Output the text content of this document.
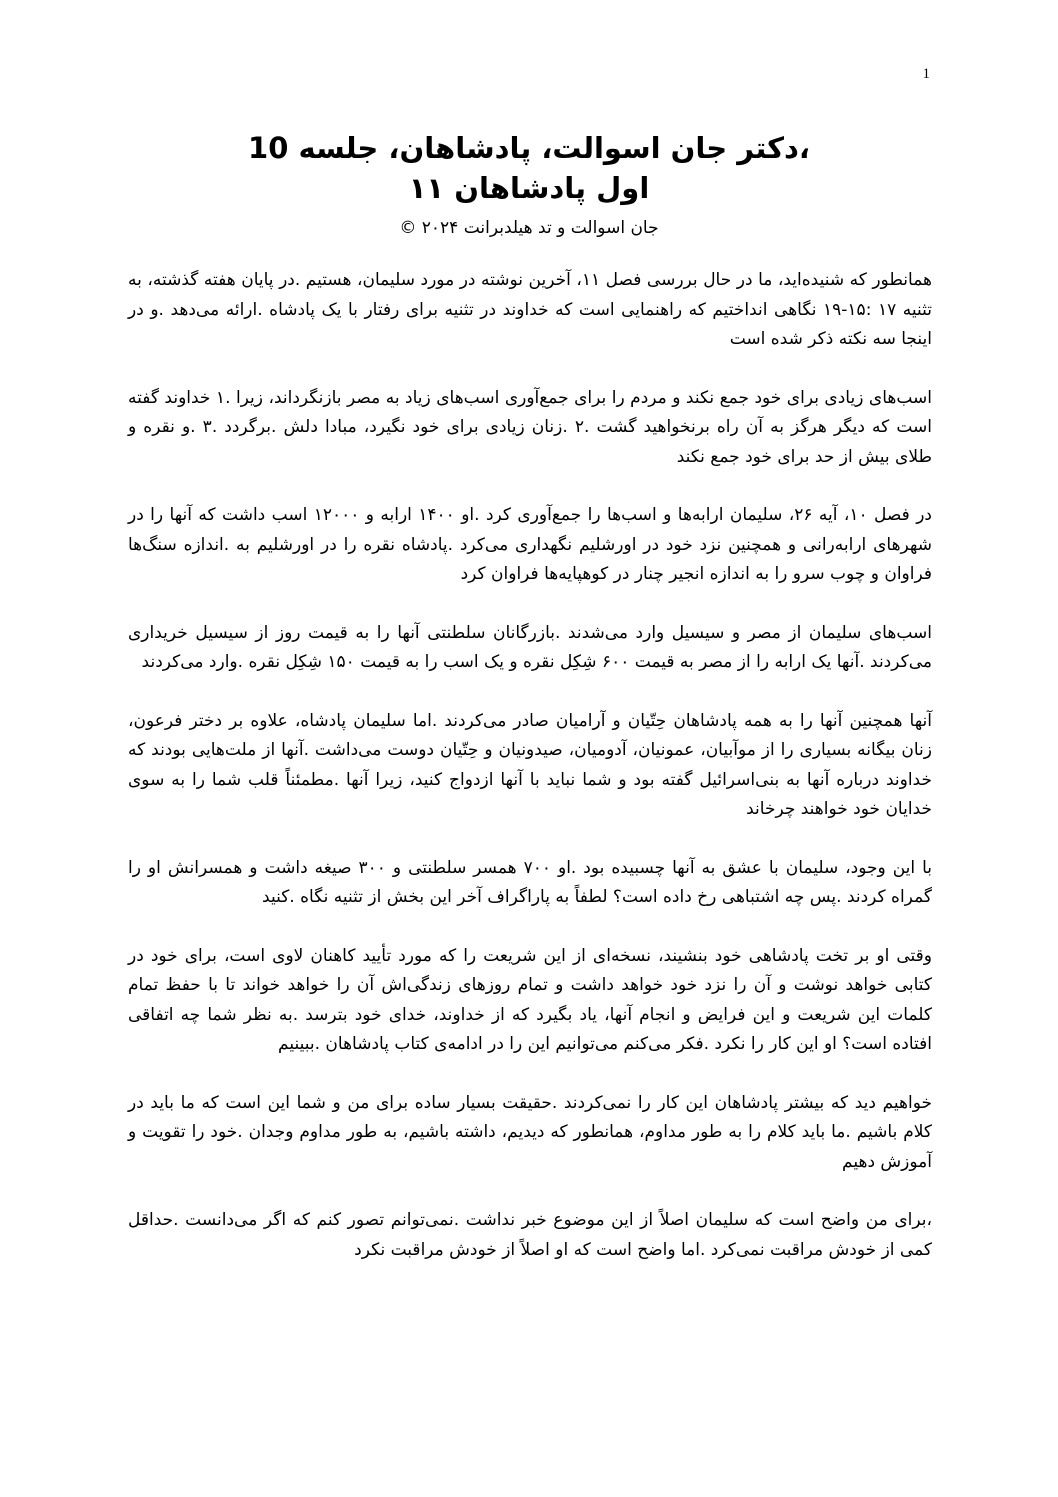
1
،دکتر جان اسوالت، پادشاهان، جلسه 10
اول پادشاهان ۱۱
جان اسوالت و تد هیلدبرانت ۲۰۲۴ ©

همانطور که شنیده‌اید، ما در حال بررسی فصل ۱۱، آخرین نوشته در مورد سلیمان، هستیم .در پایان هفته گذشته، به تثنیه ۱۷ :۱۵-۱۹ نگاهی انداختیم که راهنمایی است که خداوند در تثنیه برای رفتار با یک پادشاه .ارائه می‌دهد .و در اینجا سه نکته ذکر شده است

اسب‌های زیادی برای خود جمع نکند و مردم را برای جمع‌آوری اسب‌های زیاد به مصر بازنگرداند، زیرا .۱ خداوند گفته است که دیگر هرگز به آن راه برنخواهید گشت .۲ .زنان زیادی برای خود نگیرد، مبادا دلش .برگردد .۳ .و نقره و طلای بیش از حد برای خود جمع نکند

در فصل ۱۰، آیه ۲۶، سلیمان ارابه‌ها و اسب‌ها را جمع‌آوری کرد .او ۱۴۰۰ ارابه و ۱۲۰۰۰ اسب داشت که آنها را در شهرهای ارابه‌رانی و همچنین نزد خود در اورشلیم نگهداری می‌کرد .پادشاه نقره را در اورشلیم به .اندازه سنگ‌ها فراوان و چوب سرو را به اندازه انجیر چنار در کوهپایه‌ها فراوان کرد

اسب‌های سلیمان از مصر و سیسیل وارد می‌شدند .بازرگانان سلطنتی آنها را به قیمت روز از سیسیل خریداری می‌کردند .آنها یک ارابه را از مصر به قیمت ۶۰۰ شِکِل نقره و یک اسب را به قیمت ۱۵۰ شِکِل نقره .وارد می‌کردند

آنها همچنین آنها را به همه پادشاهان حِتّیان و آرامیان صادر می‌کردند .اما سلیمان پادشاه، علاوه بر دختر فرعون، زنان بیگانه بسیاری را از موآبیان، عمونیان، آدومیان، صیدونیان و حِتّیان دوست می‌داشت .آنها از ملت‌هایی بودند که خداوند درباره آنها به بنی‌اسرائیل گفته بود و شما نباید با آنها ازدواج کنید، زیرا آنها .مطمئناً قلب شما را به سوی خدایان خود خواهند چرخاند

با این وجود، سلیمان با عشق به آنها چسبیده بود .او ۷۰۰ همسر سلطنتی و ۳۰۰ صیغه داشت و همسرانش او را گمراه کردند .پس چه اشتباهی رخ داده است؟ لطفاً به پاراگراف آخر این بخش از تثنیه نگاه .کنید

وقتی او بر تخت پادشاهی خود بنشیند، نسخه‌ای از این شریعت را که مورد تأیید کاهنان لاوی است، برای خود در کتابی خواهد نوشت و آن را نزد خود خواهد داشت و تمام روزهای زندگی‌اش آن را خواهد خواند تا با حفظ تمام کلمات این شریعت و این فرایض و انجام آنها، یاد بگیرد که از خداوند، خدای خود بترسد .به نظر شما چه اتفاقی افتاده است؟ او این کار را نکرد .فکر می‌کنم می‌توانیم این را در ادامه‌ی کتاب پادشاهان .ببینیم

خواهیم دید که بیشتر پادشاهان این کار را نمی‌کردند .حقیقت بسیار ساده برای من و شما این است که ما باید در کلام باشیم .ما باید کلام را به طور مداوم، همانطور که دیدیم، داشته باشیم، به طور مداوم وجدان .خود را تقویت و آموزش دهیم

،برای من واضح است که سلیمان اصلاً از این موضوع خبر نداشت .نمی‌توانم تصور کنم که اگر می‌دانست .حداقل کمی از خودش مراقبت نمی‌کرد .اما واضح است که او اصلاً از خودش مراقبت نکرد
